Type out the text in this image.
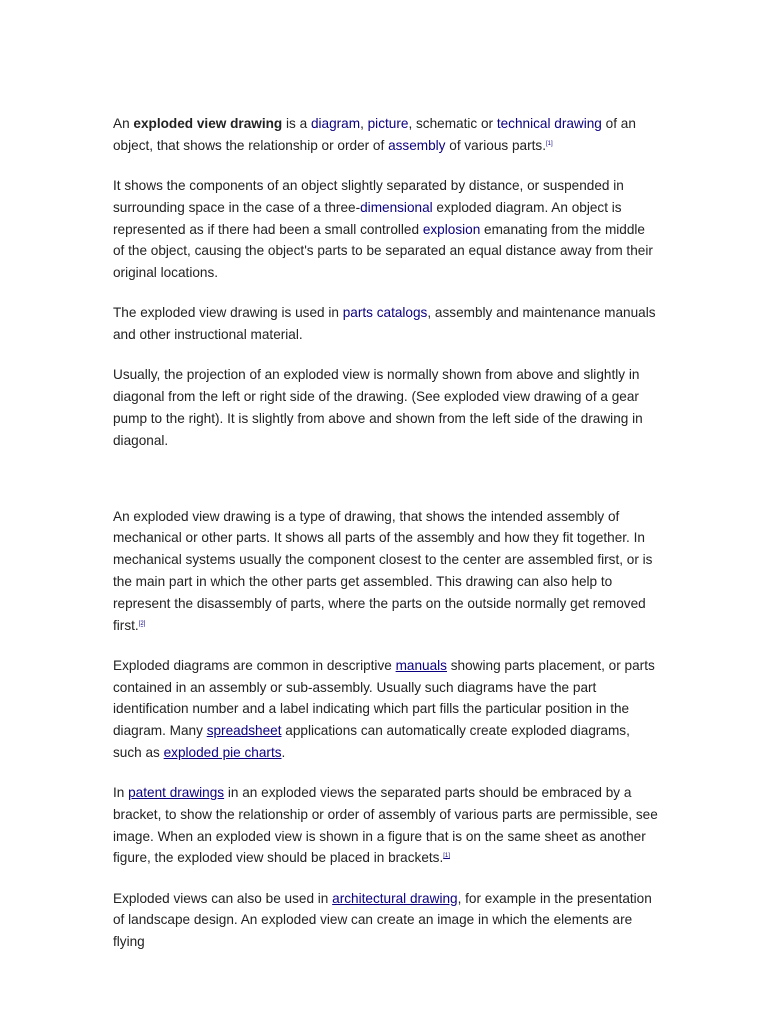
An exploded view drawing is a diagram, picture, schematic or technical drawing of an object, that shows the relationship or order of assembly of various parts.[1]

It shows the components of an object slightly separated by distance, or suspended in surrounding space in the case of a three-dimensional exploded diagram. An object is represented as if there had been a small controlled explosion emanating from the middle of the object, causing the object's parts to be separated an equal distance away from their original locations.

The exploded view drawing is used in parts catalogs, assembly and maintenance manuals and other instructional material.

Usually, the projection of an exploded view is normally shown from above and slightly in diagonal from the left or right side of the drawing. (See exploded view drawing of a gear pump to the right). It is slightly from above and shown from the left side of the drawing in diagonal.

An exploded view drawing is a type of drawing, that shows the intended assembly of mechanical or other parts. It shows all parts of the assembly and how they fit together. In mechanical systems usually the component closest to the center are assembled first, or is the main part in which the other parts get assembled. This drawing can also help to represent the disassembly of parts, where the parts on the outside normally get removed first.[2]

Exploded diagrams are common in descriptive manuals showing parts placement, or parts contained in an assembly or sub-assembly. Usually such diagrams have the part identification number and a label indicating which part fills the particular position in the diagram. Many spreadsheet applications can automatically create exploded diagrams, such as exploded pie charts.

In patent drawings in an exploded views the separated parts should be embraced by a bracket, to show the relationship or order of assembly of various parts are permissible, see image. When an exploded view is shown in a figure that is on the same sheet as another figure, the exploded view should be placed in brackets.[1]

Exploded views can also be used in architectural drawing, for example in the presentation of landscape design. An exploded view can create an image in which the elements are flying
